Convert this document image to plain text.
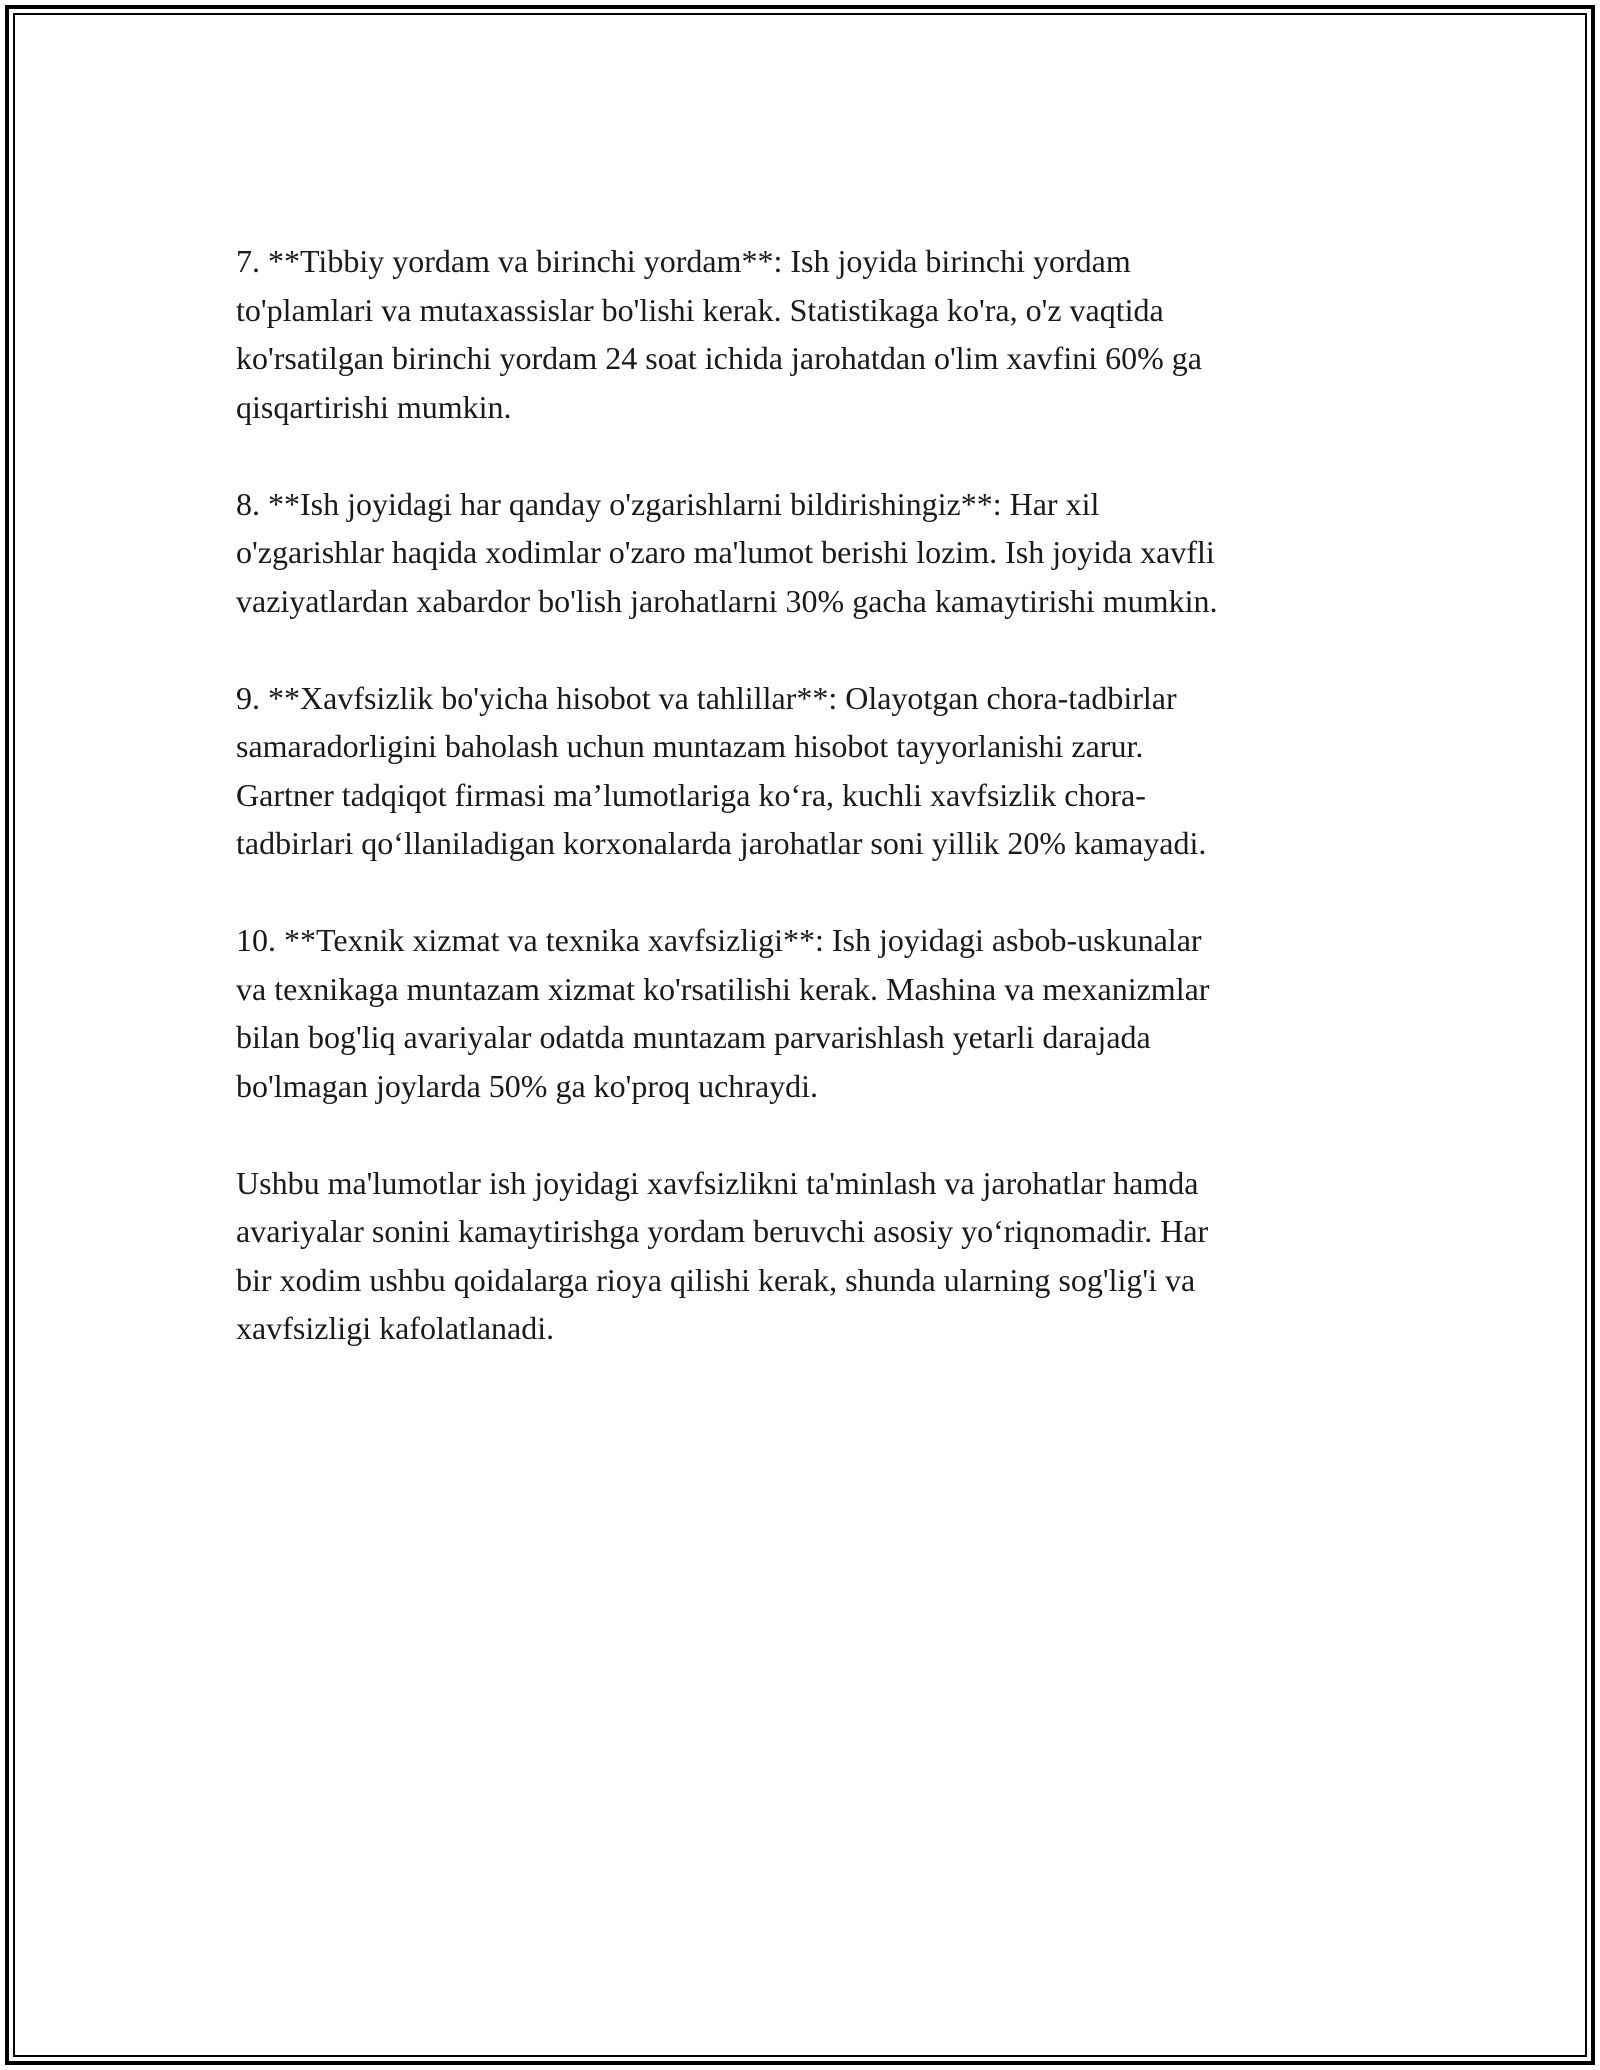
7. **Tibbiy yordam va birinchi yordam**: Ish joyida birinchi yordam
to'plamlari va mutaxassislar bo'lishi kerak. Statistikaga ko'ra, o'z vaqtida
ko'rsatilgan birinchi yordam 24 soat ichida jarohatdan o'lim xavfini 60% ga
qisqartirishi mumkin.

8. **Ish joyidagi har qanday o'zgarishlarni bildirishingiz**: Har xil
o'zgarishlar haqida xodimlar o'zaro ma'lumot berishi lozim. Ish joyida xavfli
vaziyatlardan xabardor bo'lish jarohatlarni 30% gacha kamaytirishi mumkin.

9. **Xavfsizlik bo'yicha hisobot va tahlillar**: Olayotgan chora-tadbirlar
samaradorligini baholash uchun muntazam hisobot tayyorlanishi zarur.
Gartner tadqiqot firmasi ma’lumotlariga ko‘ra, kuchli xavfsizlik chora-
tadbirlari qo‘llaniladigan korxonalarda jarohatlar soni yillik 20% kamayadi.

10. **Texnik xizmat va texnika xavfsizligi**: Ish joyidagi asbob-uskunalar
va texnikaga muntazam xizmat ko'rsatilishi kerak. Mashina va mexanizmlar
bilan bog'liq avariyalar odatda muntazam parvarishlash yetarli darajada
bo'lmagan joylarda 50% ga ko'proq uchraydi.

Ushbu ma'lumotlar ish joyidagi xavfsizlikni ta'minlash va jarohatlar hamda
avariyalar sonini kamaytirishga yordam beruvchi asosiy yo‘riqnomadir. Har
bir xodim ushbu qoidalarga rioya qilishi kerak, shunda ularning sog'lig'i va
xavfsizligi kafolatlanadi.
